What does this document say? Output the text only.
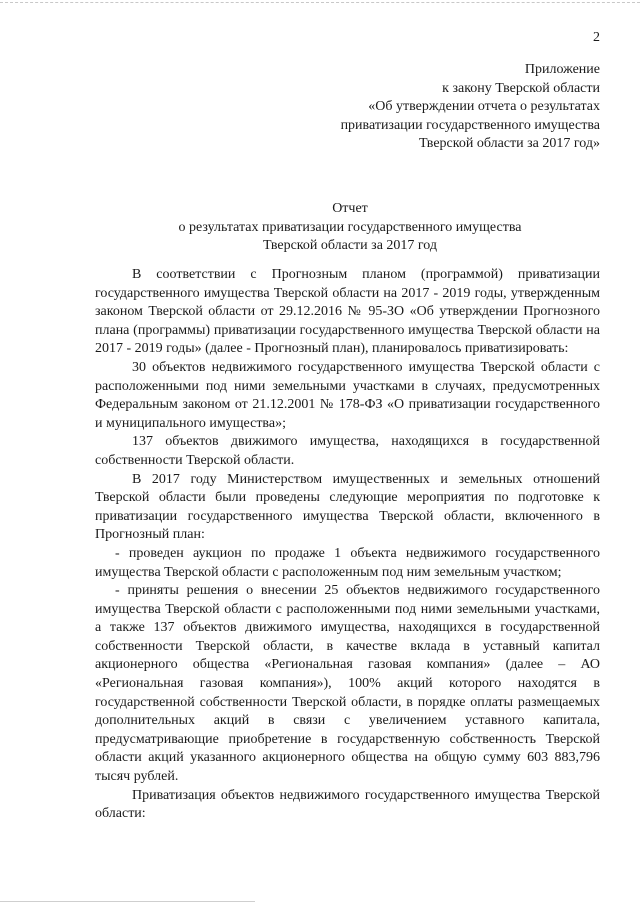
2
Приложение
к закону Тверской области
«Об утверждении отчета о результатах
приватизации государственного имущества
Тверской области за 2017 год»
Отчет
о результатах приватизации государственного имущества
Тверской области за 2017 год

В соответствии с Прогнозным планом (программой) приватизации государственного имущества Тверской области на 2017 - 2019 годы, утвержденным законом Тверской области от 29.12.2016 № 95-ЗО «Об утверждении Прогнозного плана (программы) приватизации государственного имущества Тверской области на 2017 - 2019 годы» (далее - Прогнозный план), планировалось приватизировать:

30 объектов недвижимого государственного имущества Тверской области с расположенными под ними земельными участками в случаях, предусмотренных Федеральным законом от 21.12.2001 № 178-ФЗ «О приватизации государственного и муниципального имущества»;

137 объектов движимого имущества, находящихся в государственной собственности Тверской области.

В 2017 году Министерством имущественных и земельных отношений Тверской области были проведены следующие мероприятия по подготовке к приватизации государственного имущества Тверской области, включенного в Прогнозный план:

- проведен аукцион по продаже 1 объекта недвижимого государственного имущества Тверской области с расположенным под ним земельным участком;

- приняты решения о внесении 25 объектов недвижимого государственного имущества Тверской области с расположенными под ними земельными участками, а также 137 объектов движимого имущества, находящихся в государственной собственности Тверской области, в качестве вклада в уставный капитал акционерного общества «Региональная газовая компания» (далее – АО «Региональная газовая компания»), 100% акций которого находятся в государственной собственности Тверской области, в порядке оплаты размещаемых дополнительных акций в связи с увеличением уставного капитала, предусматривающие приобретение в государственную собственность Тверской области акций указанного акционерного общества на общую сумму 603 883,796 тысяч рублей.

Приватизация объектов недвижимого государственного имущества Тверской области:
